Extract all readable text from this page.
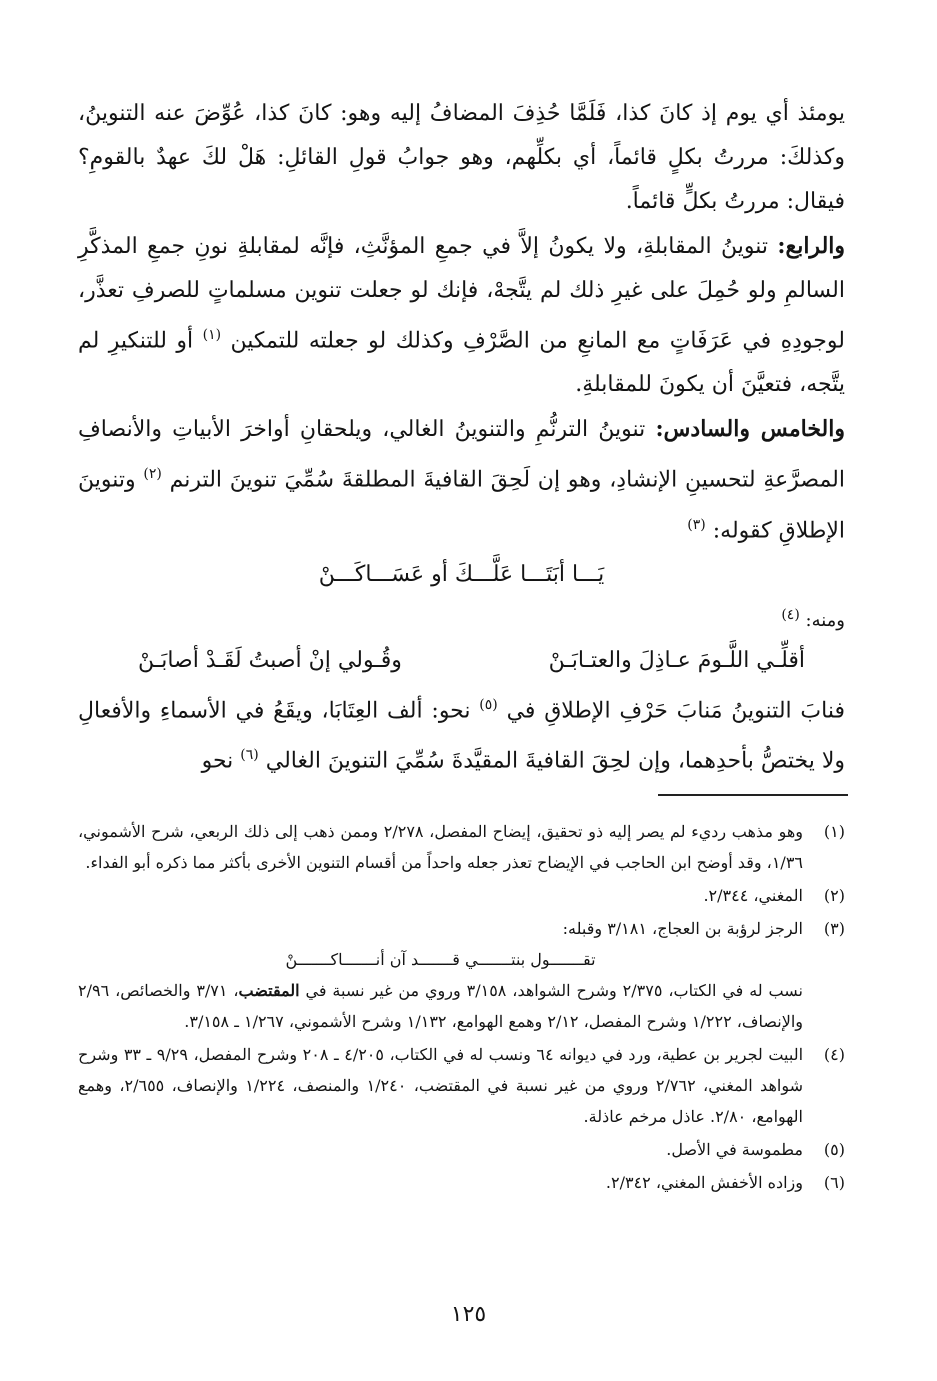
يومئذ أي يوم إذ كانَ كذا، فَلَمَّا حُذِفَ المضافُ إليه وهو: كانَ كذا، عُوِّضَ عنه التنوينُ، وكذلكَ: مررتُ بكلٍ قائماً، أي بكلِّهم، وهو جوابُ قولِ القائلِ: هَلْ لكَ عهدٌ بالقومِ؟ فيقال: مررتُ بكلٍّ قائماً.

والرابع: تنوينُ المقابلةِ، ولا يكونُ إلاَّ في جمعِ المؤنَّثِ، فإنَّه لمقابلةِ نونِ جمعِ المذكَّرِ السالمِ ولو حُمِلَ على غيرِ ذلك لم يتَّجهْ، فإنك لو جعلت تنوين مسلماتٍ للصرفِ تعذَّر، لوجودِهِ في عَرَفَاتٍ مع المانعِ من الصَّرْفِ وكذلك لو جعلته للتمكين $^{(١)}$ أو للتنكيرِ لم يتَّجه، فتعيَّنَ أن يكونَ للمقابلةِ.

والخامس والسادس: تنوينُ الترنُّمِ والتنوينُ الغالي، ويلحقانِ أواخرَ الأبياتِ والأنصافِ المصرَّعةِ لتحسينِ الإنشادِ، وهو إن لَحِقَ القافيةَ المطلقةَ سُمِّيَ تنوينَ الترنم $^{(٢)}$ وتنوينَ الإطلاقِ كقوله: $^{(٣)}$

يَـــا أبَتَـــا عَلَّـــكَ أو عَسَـــاكَـــنْ

ومنه: $^{(٤)}$

أقلِّـي اللَّـومَ عـاذِلَ والعتـابَـنْ
وقُـولي إنْ أصبتُ لَقَـدْ أصابَـنْ

فنابَ التنوينُ مَنابَ حَرْفِ الإطلاقِ في $^{(٥)}$ نحو: ألف العِتَابَا، ويقَعُ في الأسماءِ والأفعالِ ولا يختصُّ بأحدِهما، وإن لحِقَ القافيةَ المقيَّدةَ سُمِّيَ التنوينَ الغالي $^{(٦)}$ نحو

(١)

وهو مذهب رديء لم يصر إليه ذو تحقيق، إيضاح المفصل، ٢/٢٧٨ وممن ذهب إلى ذلك الربعي، شرح الأشموني، ١/٣٦، وقد أوضح ابن الحاجب في الإيضاح تعذر جعله واحداً من أقسام التنوين الأخرى بأكثر مما ذكره أبو الفداء.

(٢)

المغني، ٢/٣٤٤.

(٣)

الرجز لرؤبة بن العجاج، ٣/١٨١ وقبله:

تقـــــــول بنتـــــــي قـــــــد آن أنـــــــاكـــــــنْ

نسب له في الكتاب، ٢/٣٧٥ وشرح الشواهد، ٣/١٥٨ وروي من غير نسبة في المقتضب، ٣/٧١ والخصائص، ٢/٩٦ والإنصاف، ١/٢٢٢ وشرح المفصل، ٢/١٢ وهمع الهوامع، ١/١٣٢ وشرح الأشموني، ١/٢٦٧ ـ ٣/١٥٨.

(٤)

البيت لجرير بن عطية، ورد في ديوانه ٦٤ ونسب له في الكتاب، ٤/٢٠٥ ـ ٢٠٨ وشرح المفصل، ٩/٢٩ ـ ٣٣ وشرح شواهد المغني، ٢/٧٦٢ وروي من غير نسبة في المقتضب، ١/٢٤٠ والمنصف، ١/٢٢٤ والإنصاف، ٢/٦٥٥، وهمع الهوامع، ٢/٨٠. عاذل مرخم عاذلة.

(٥)

مطموسة في الأصل.

(٦)

وزاده الأخفش المغني، ٢/٣٤٢.

١٢٥
